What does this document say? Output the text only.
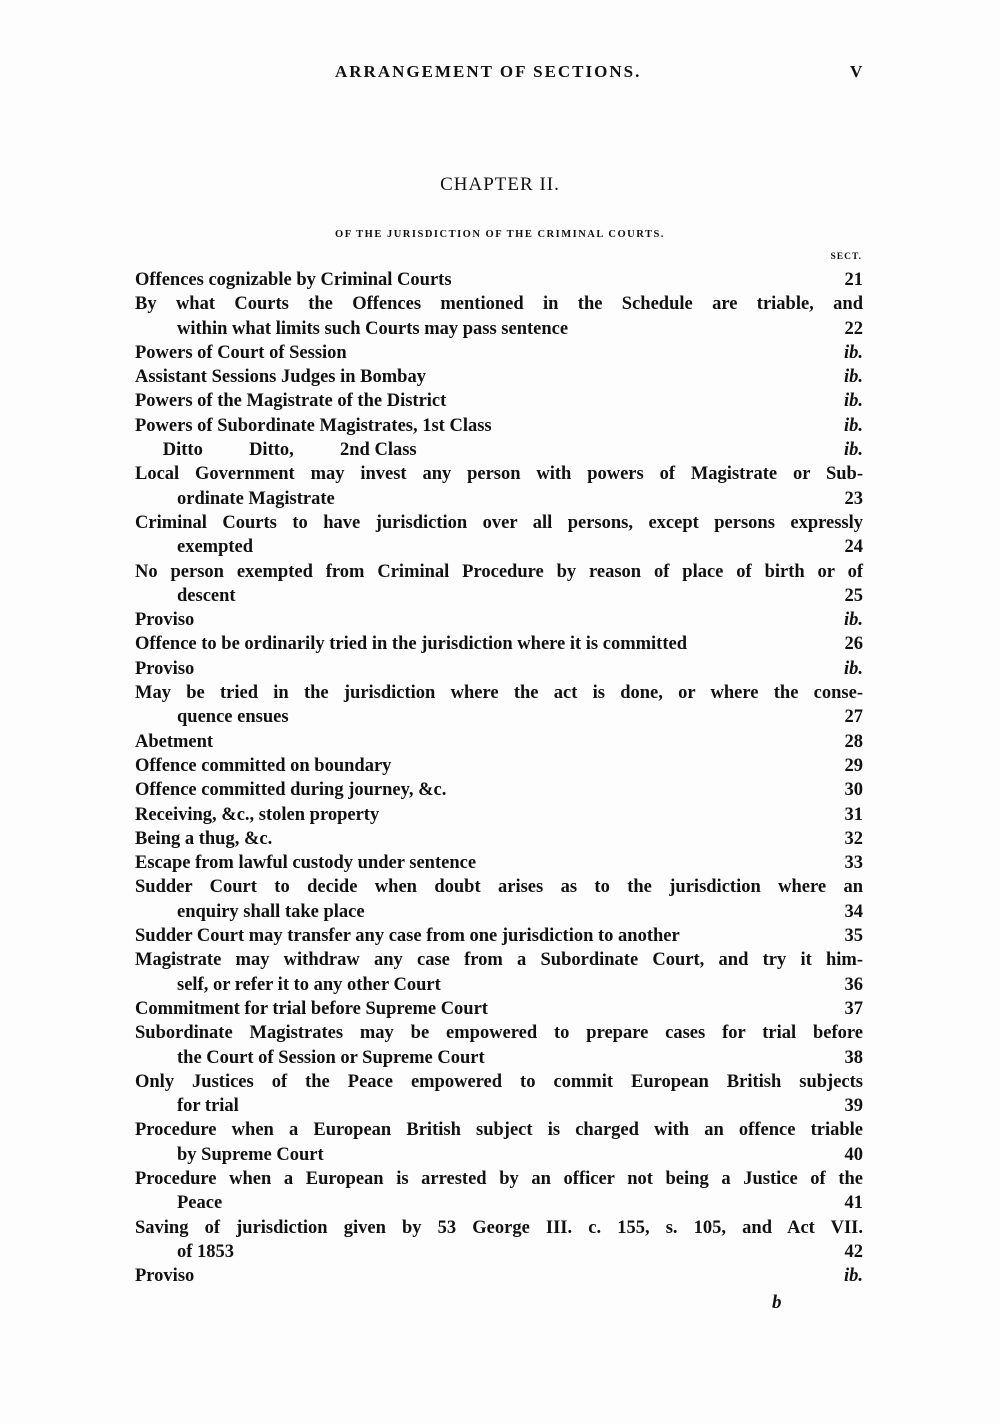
ARRANGEMENT OF SECTIONS.	V
CHAPTER II.
OF THE JURISDICTION OF THE CRIMINAL COURTS.
SECT.
Offences cognizable by Criminal Courts	21
By what Courts the Offences mentioned in the Schedule are triable, and
within what limits such Courts may pass sentence	22
Powers of Court of Session	ib.
Assistant Sessions Judges in Bombay	ib.
Powers of the Magistrate of the District	ib.
Powers of Subordinate Magistrates, 1st Class	ib.
Ditto          Ditto,          2nd Class	ib.
Local Government may invest any person with powers of Magistrate or Sub-
ordinate Magistrate	23
Criminal Courts to have jurisdiction over all persons, except persons expressly
exempted	24
No person exempted from Criminal Procedure by reason of place of birth or of
descent	25
Proviso	ib.
Offence to be ordinarily tried in the jurisdiction where it is committed	26
Proviso	ib.
May be tried in the jurisdiction where the act is done, or where the conse-
quence ensues	27
Abetment	28
Offence committed on boundary	29
Offence committed during journey, &c.	30
Receiving, &c., stolen property	31
Being a thug, &c.	32
Escape from lawful custody under sentence	33
Sudder Court to decide when doubt arises as to the jurisdiction where an
enquiry shall take place	34
Sudder Court may transfer any case from one jurisdiction to another	35
Magistrate may withdraw any case from a Subordinate Court, and try it him-
self, or refer it to any other Court	36
Commitment for trial before Supreme Court	37
Subordinate Magistrates may be empowered to prepare cases for trial before
the Court of Session or Supreme Court	38
Only Justices of the Peace empowered to commit European British subjects
for trial	39
Procedure when a European British subject is charged with an offence triable
by Supreme Court	40
Procedure when a European is arrested by an officer not being a Justice of the
Peace	41
Saving of jurisdiction given by 53 George III. c. 155, s. 105, and Act VII.
of 1853	42
Proviso	ib.
b
